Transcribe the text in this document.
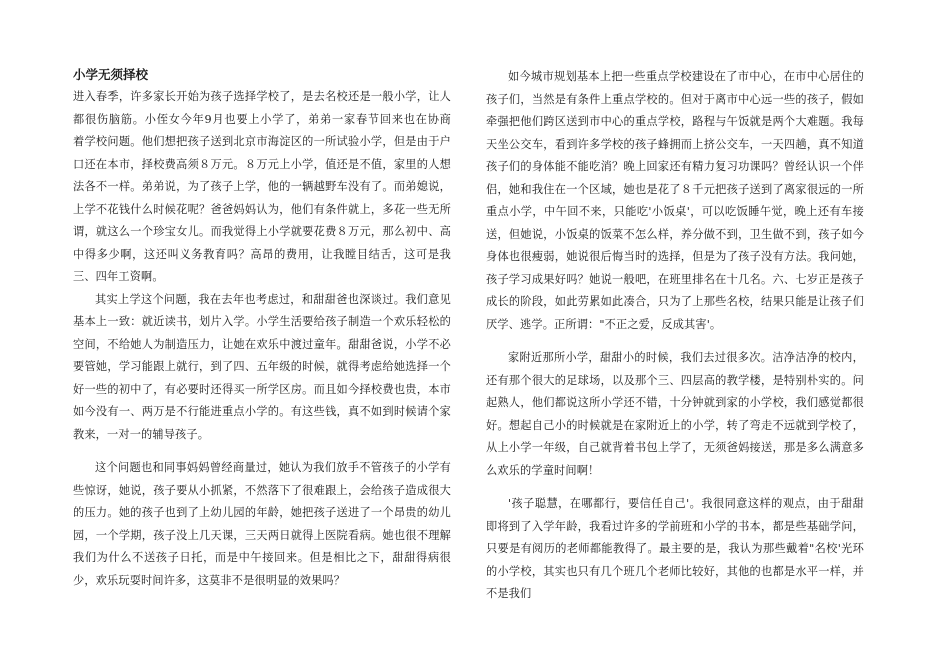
小学无须择校

进入春季，许多家长开始为孩子选择学校了，是去名校还是一般小学，让人都很伤脑筋。小侄女今年9月也要上小学了，弟弟一家春节回来也在协商　着学校问题。他们想把孩子送到北京市海淀区的一所试验小学，但是由于户口还在本市，择校费高须８万元。８万元上小学，值还是不值，家里的人想法各不一样。弟弟说，为了孩子上学，他的一辆越野车没有了。而弟媳说，上学不花钱什么时候花呢？爸爸妈妈认为，他们有条件就上，多花一些无所谓，就这么一个珍宝女儿。而我觉得上小学就要花费８万元，那么初中、高中得多少啊，这还叫义务教育吗？高昂的费用，让我瞠目结舌，这可是我三、四年工资啊。

其实上学这个问题，我在去年也考虑过，和甜甜爸也深谈过。我们意见基本上一致：就近读书，划片入学。小学生活要给孩子制造一个欢乐轻松的空间，不给她人为制造压力，让她在欢乐中渡过童年。甜甜爸说，小学不必要管她，学习能跟上就行，到了四、五年级的时候，就得考虑给她选择一个好一些的初中了，有必要时还得买一所学区房。而且如今择校费也贵，本市如今没有一、两万是不行能进重点小学的。有这些钱，真不如到时候请个家教来，一对一的辅导孩子。

这个问题也和同事妈妈曾经商量过，她认为我们放手不管孩子的小学有些惊讶，她说，孩子要从小抓紧，不然落下了很难跟上，会给孩子造成很大的压力。她的孩子也到了上幼儿园的年龄，她把孩子送进了一个昂贵的幼儿园，一个学期，孩子没上几天课，三天两日就得上医院看病。她也很不理解我们为什么不送孩子日托，而是中午接回来。但是相比之下，甜甜得病很少，欢乐玩耍时间许多，这莫非不是很明显的效果吗？

如今城市规划基本上把一些重点学校建设在了市中心，在市中心居住的孩子们，当然是有条件上重点学校的。但对于离市中心远一些的孩子，假如牵强把他们跨区送到市中心的重点学校，路程与午饭就是两个大难题。我每天坐公交车，看到许多学校的孩子蜂拥而上挤公交车，一天四趟，真不知道孩子们的身体能不能吃消？晚上回家还有精力复习功课吗？曾经认识一个伴侣，她和我住在一个区域，她也是花了８千元把孩子送到了离家很远的一所重点小学，中午回不来，只能吃'小饭桌'，可以吃饭睡午觉，晚上还有车接送，但她说，小饭桌的饭菜不怎么样，养分做不到，卫生做不到，孩子如今身体也很瘦弱，她说很后悔当时的选择，但是为了孩子没有方法。我问她，孩子学习成果好吗？她说一般吧，在班里排名在十几名。六、七岁正是孩子成长的阶段，如此劳累如此凑合，只为了上那些名校，结果只能是让孩子们厌学、逃学。正所谓："不正之爱，反成其害'。

家附近那所小学，甜甜小的时候，我们去过很多次。洁净洁净的校内，还有那个很大的足球场，以及那个三、四层高的教学楼，是特别朴实的。问起熟人，他们都说这所小学还不错，十分钟就到家的小学校，我们感觉都很好。想起自己小的时候就是在家附近上的小学，转了弯走不远就到学校了，从上小学一年级，自己就背着书包上学了，无须爸妈接送，那是多么满意多么欢乐的学童时间啊！

'孩子聪慧，在哪都行，要信任自己'。我很同意这样的观点，由于甜甜即将到了入学年龄，我看过许多的学前班和小学的书本，都是些基础学问，只要是有阅历的老师都能教得了。最主要的是，我认为那些戴着"名校'光环的小学校，其实也只有几个班几个老师比较好，其他的也都是水平一样，并不是我们
